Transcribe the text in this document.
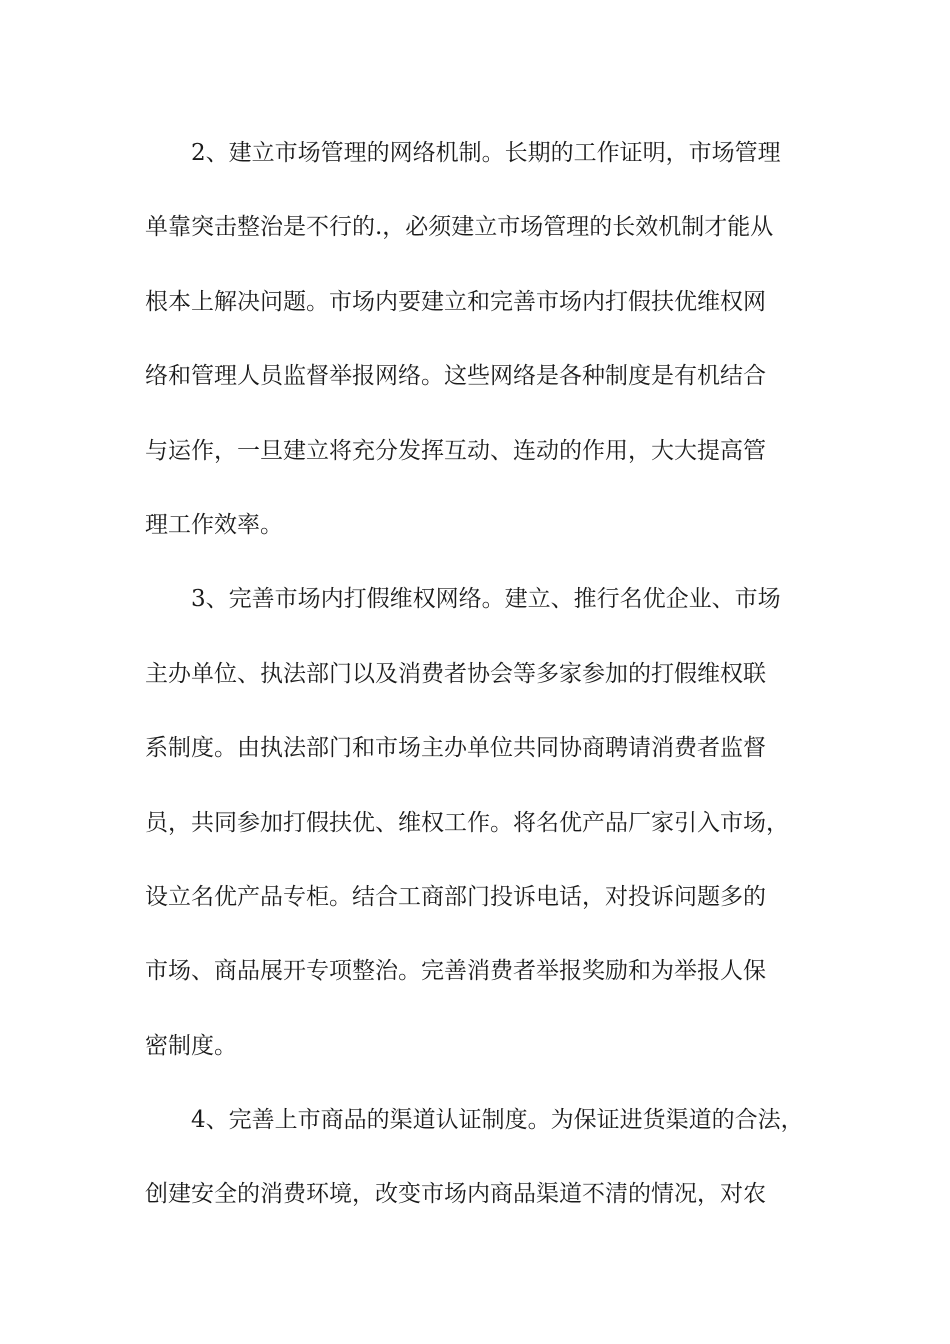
2、建立市场管理的网络机制。长期的工作证明，市场管理
单靠突击整治是不行的.，必须建立市场管理的长效机制才能从
根本上解决问题。市场内要建立和完善市场内打假扶优维权网
络和管理人员监督举报网络。这些网络是各种制度是有机结合
与运作，一旦建立将充分发挥互动、连动的作用，大大提高管
理工作效率。
3、完善市场内打假维权网络。建立、推行名优企业、市场
主办单位、执法部门以及消费者协会等多家参加的打假维权联
系制度。由执法部门和市场主办单位共同协商聘请消费者监督
员，共同参加打假扶优、维权工作。将名优产品厂家引入市场，
设立名优产品专柜。结合工商部门投诉电话，对投诉问题多的
市场、商品展开专项整治。完善消费者举报奖励和为举报人保
密制度。
4、完善上市商品的渠道认证制度。为保证进货渠道的合法，
创建安全的消费环境，改变市场内商品渠道不清的情况，对农
